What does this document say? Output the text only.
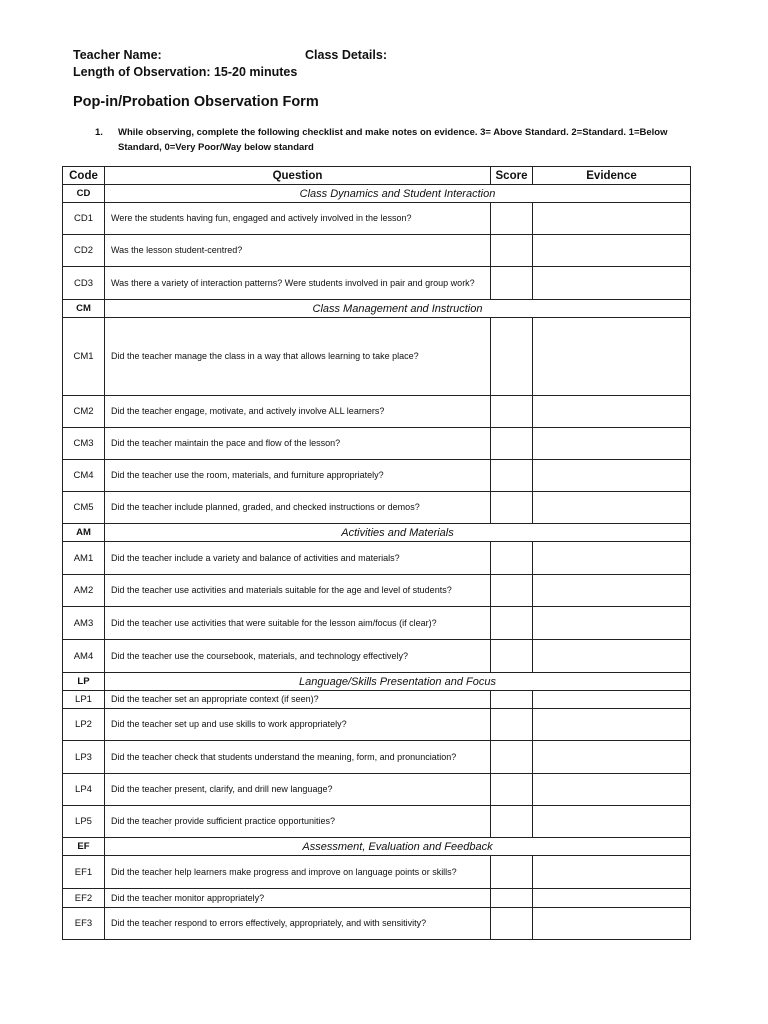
Teacher Name:	Class Details:
Length of Observation: 15-20 minutes
Pop-in/Probation Observation Form
1. While observing, complete the following checklist and make notes on evidence. 3= Above Standard. 2=Standard. 1=Below Standard, 0=Very Poor/Way below standard
Code	Question	Score	Evidence
CD	Class Dynamics and Student Interaction		
CD1	Were the students having fun, engaged and actively involved in the lesson?		
CD2	Was the lesson student-centred?		
CD3	Was there a variety of interaction patterns? Were students involved in pair and group work?		
CM	Class Management and Instruction		
CM1	Did the teacher manage the class in a way that allows learning to take place?		
CM2	Did the teacher engage, motivate, and actively involve ALL learners?		
CM3	Did the teacher maintain the pace and flow of the lesson?		
CM4	Did the teacher use the room, materials, and furniture appropriately?		
CM5	Did the teacher include planned, graded, and checked instructions or demos?		
AM	Activities and Materials		
AM1	Did the teacher include a variety and balance of activities and materials?		
AM2	Did the teacher use activities and materials suitable for the age and level of students?		
AM3	Did the teacher use activities that were suitable for the lesson aim/focus (if clear)?		
AM4	Did the teacher use the coursebook, materials, and technology effectively?		
LP	Language/Skills Presentation and Focus		
LP1	Did the teacher set an appropriate context (if seen)?		
LP2	Did the teacher set up and use skills to work appropriately?		
LP3	Did the teacher check that students understand the meaning, form, and pronunciation?		
LP4	Did the teacher present, clarify, and drill new language?		
LP5	Did the teacher provide sufficient practice opportunities?		
EF	Assessment, Evaluation and Feedback		
EF1	Did the teacher help learners make progress and improve on language points or skills?		
EF2	Did the teacher monitor appropriately?		
EF3	Did the teacher respond to errors effectively, appropriately, and with sensitivity?		
